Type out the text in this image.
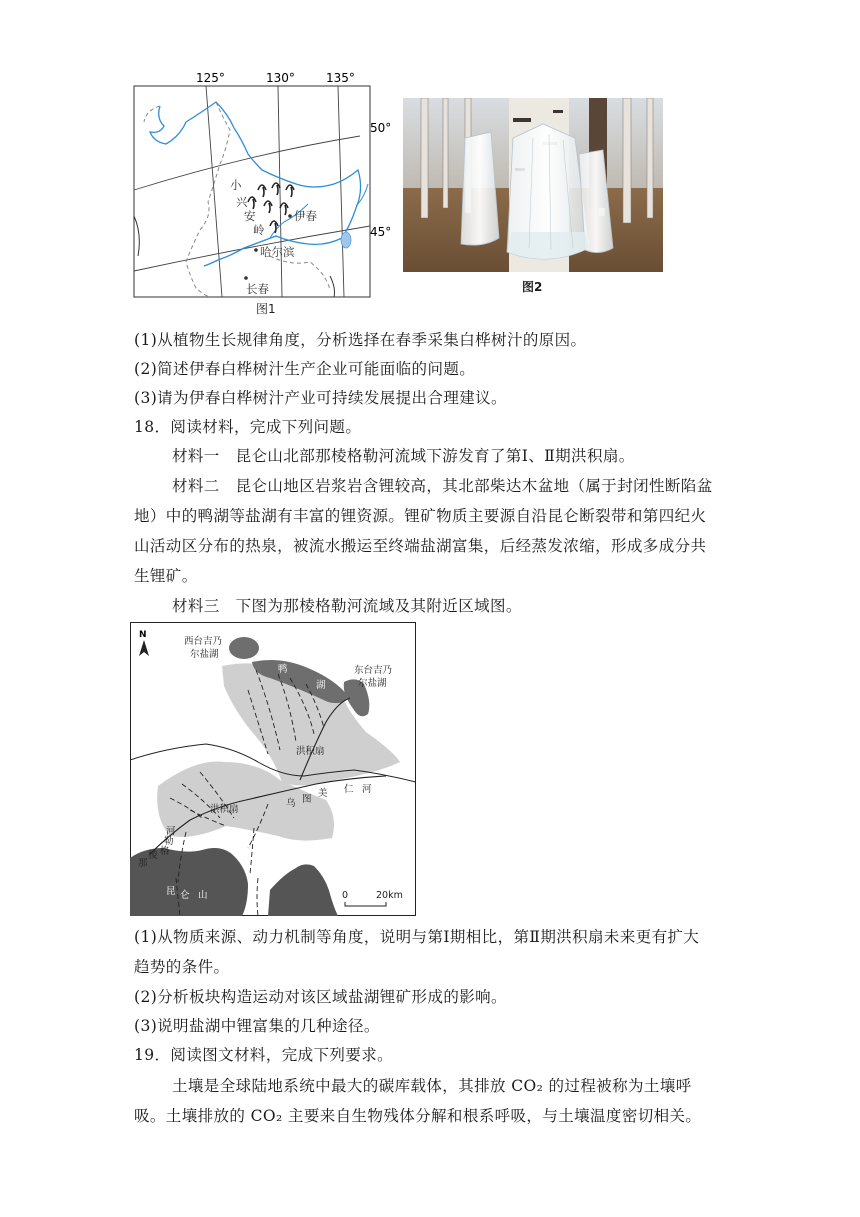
125°	130°	135°
50°
45°
小
兴
安
岭
伊春
哈尔滨
长春
图1
图2
(1)从植物生长规律角度，分析选择在春季采集白桦树汁的原因。
(2)简述伊春白桦树汁生产企业可能面临的问题。
(3)请为伊春白桦树汁产业可持续发展提出合理建议。
18．阅读材料，完成下列问题。
材料一　昆仑山北部那棱格勒河流域下游发育了第Ⅰ、Ⅱ期洪积扇。
材料二　昆仑山地区岩浆岩含锂较高，其北部柴达木盆地（属于封闭性断陷盆
地）中的鸭湖等盐湖有丰富的锂资源。锂矿物质主要源自沿昆仑断裂带和第四纪火
山活动区分布的热泉，被流水搬运至终端盐湖富集，后经蒸发浓缩，形成多成分共
生锂矿。
材料三　下图为那棱格勒河流域及其附近区域图。
N
西台吉乃
尔盐湖
东台吉乃
尔盐湖
鸭
湖
洪积扇
洪积扇
乌 图
美 仁 河
河
勒
格
棱
那
昆 仑 山	0	20km
(1)从物质来源、动力机制等角度，说明与第Ⅰ期相比，第Ⅱ期洪积扇未来更有扩大
趋势的条件。
(2)分析板块构造运动对该区域盐湖锂矿形成的影响。
(3)说明盐湖中锂富集的几种途径。
19．阅读图文材料，完成下列要求。
土壤是全球陆地系统中最大的碳库载体，其排放 CO₂ 的过程被称为土壤呼
吸。土壤排放的 CO₂ 主要来自生物残体分解和根系呼吸，与土壤温度密切相关。
